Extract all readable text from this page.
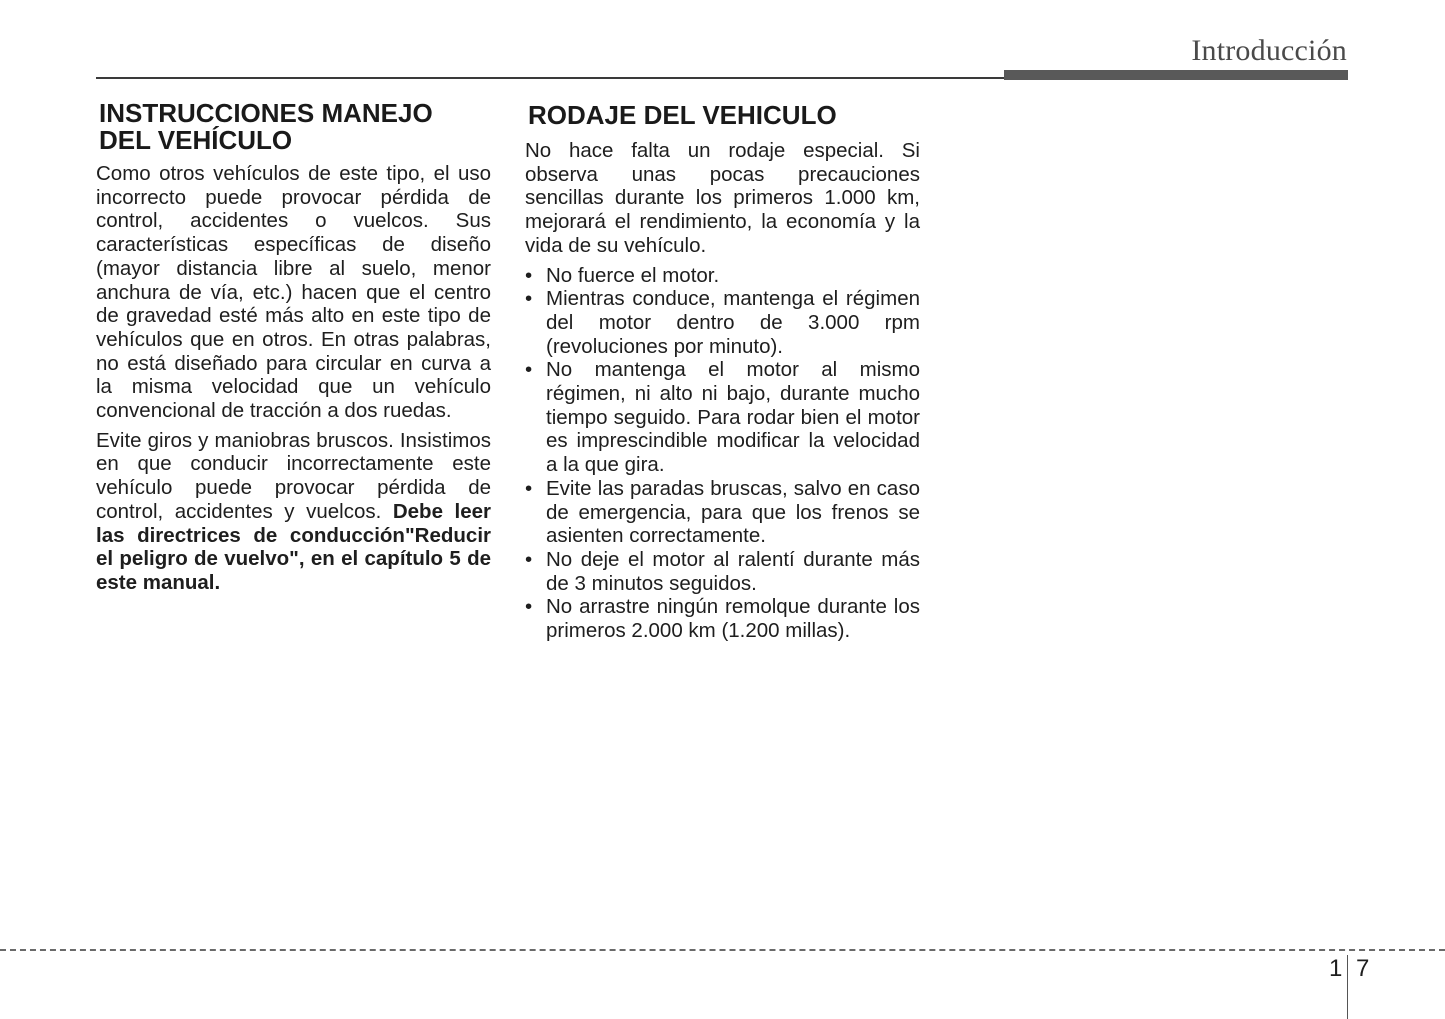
Introducción
INSTRUCCIONES MANEJO
DEL VEHÍCULO

Como otros vehículos de este tipo, el uso incorrecto puede provocar pérdida de control, accidentes o vuelcos. Sus características específicas de diseño (mayor distancia libre al suelo, menor anchura de vía, etc.) hacen que el centro de gravedad esté más alto en este tipo de vehículos que en otros. En otras palabras, no está diseñado para circular en curva a la misma velocidad que un vehículo convencional de tracción a dos ruedas.

Evite giros y maniobras bruscos. Insistimos en que conducir incorrectamente este vehículo puede provocar pérdida de control, accidentes y vuelcos. Debe leer las directrices de conducción"Reducir el peligro de vuelvo", en el capítulo 5 de este manual.

RODAJE DEL VEHICULO

No hace falta un rodaje especial. Si observa unas pocas precauciones sencillas durante los primeros 1.000 km, mejorará el rendimiento, la economía y la vida de su vehículo.

• No fuerce el motor.
• Mientras conduce, mantenga el régimen del motor dentro de 3.000 rpm (revoluciones por minuto).
• No mantenga el motor al mismo régimen, ni alto ni bajo, durante mucho tiempo seguido. Para rodar bien el motor es imprescindible modificar la velocidad a la que gira.
• Evite las paradas bruscas, salvo en caso de emergencia, para que los frenos se asienten correctamente.
• No deje el motor al ralentí durante más de 3 minutos seguidos.
• No arrastre ningún remolque durante los primeros 2.000 km (1.200 millas).
1 7
